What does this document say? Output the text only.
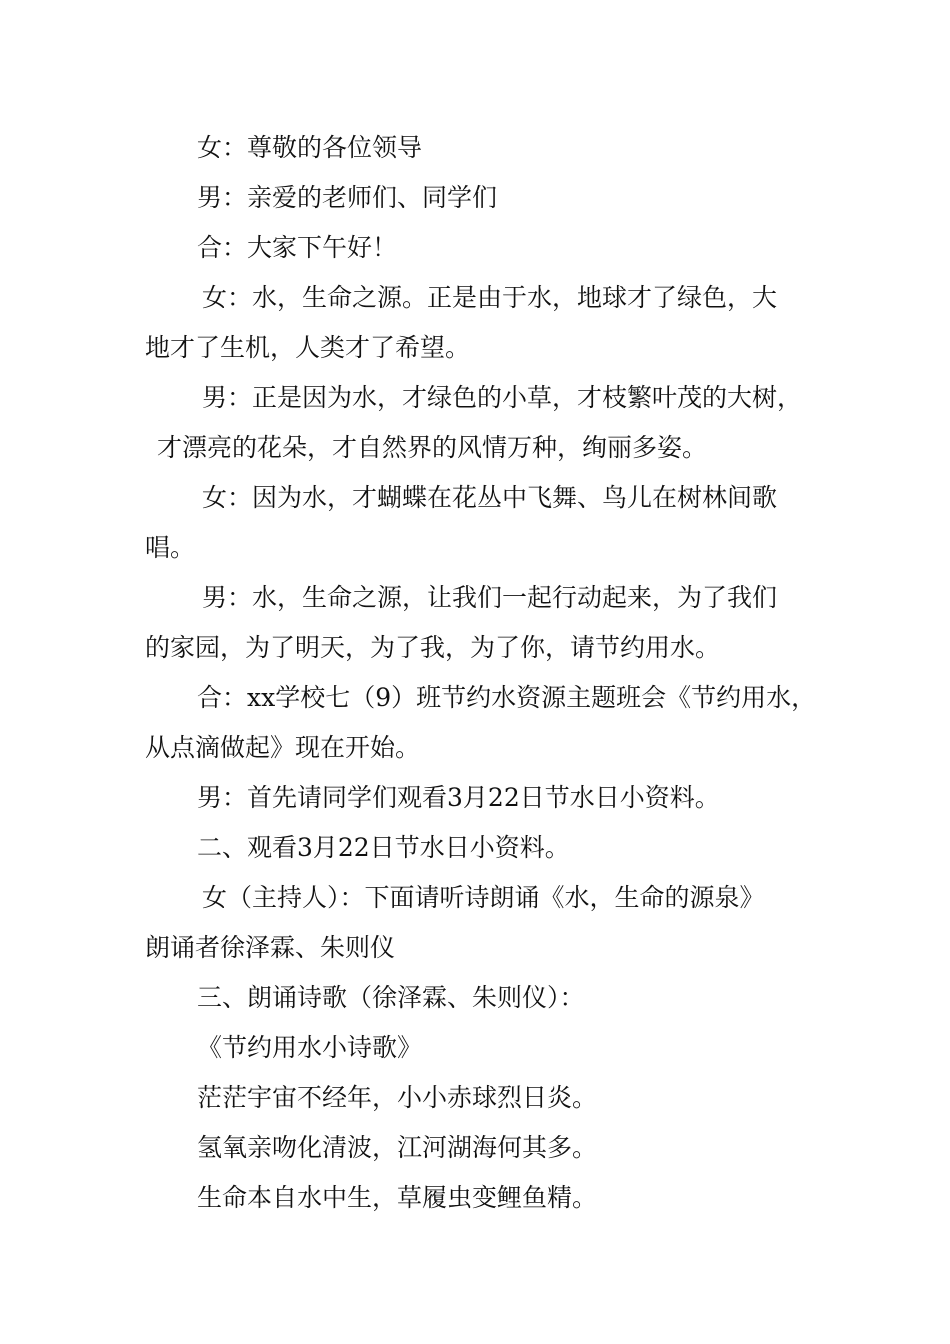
女：尊敬的各位领导
男：亲爱的老师们、同学们
合：大家下午好！
女：水，生命之源。正是由于水，地球才了绿色，大
地才了生机，人类才了希望。
男：正是因为水，才绿色的小草，才枝繁叶茂的大树，
才漂亮的花朵，才自然界的风情万种，绚丽多姿。
女：因为水，才蝴蝶在花丛中飞舞、鸟儿在树林间歌
唱。
男：水，生命之源，让我们一起行动起来，为了我们
的家园，为了明天，为了我，为了你，请节约用水。
合：xx学校七（9）班节约水资源主题班会《节约用水，
从点滴做起》现在开始。
男：首先请同学们观看3月22日节水日小资料。
二、观看3月22日节水日小资料。
女（主持人）：下面请听诗朗诵《水，生命的源泉》
朗诵者徐泽霖、朱则仪
三、朗诵诗歌（徐泽霖、朱则仪）：
《节约用水小诗歌》
茫茫宇宙不经年，小小赤球烈日炎。
氢氧亲吻化清波，江河湖海何其多。
生命本自水中生，草履虫变鲤鱼精。
